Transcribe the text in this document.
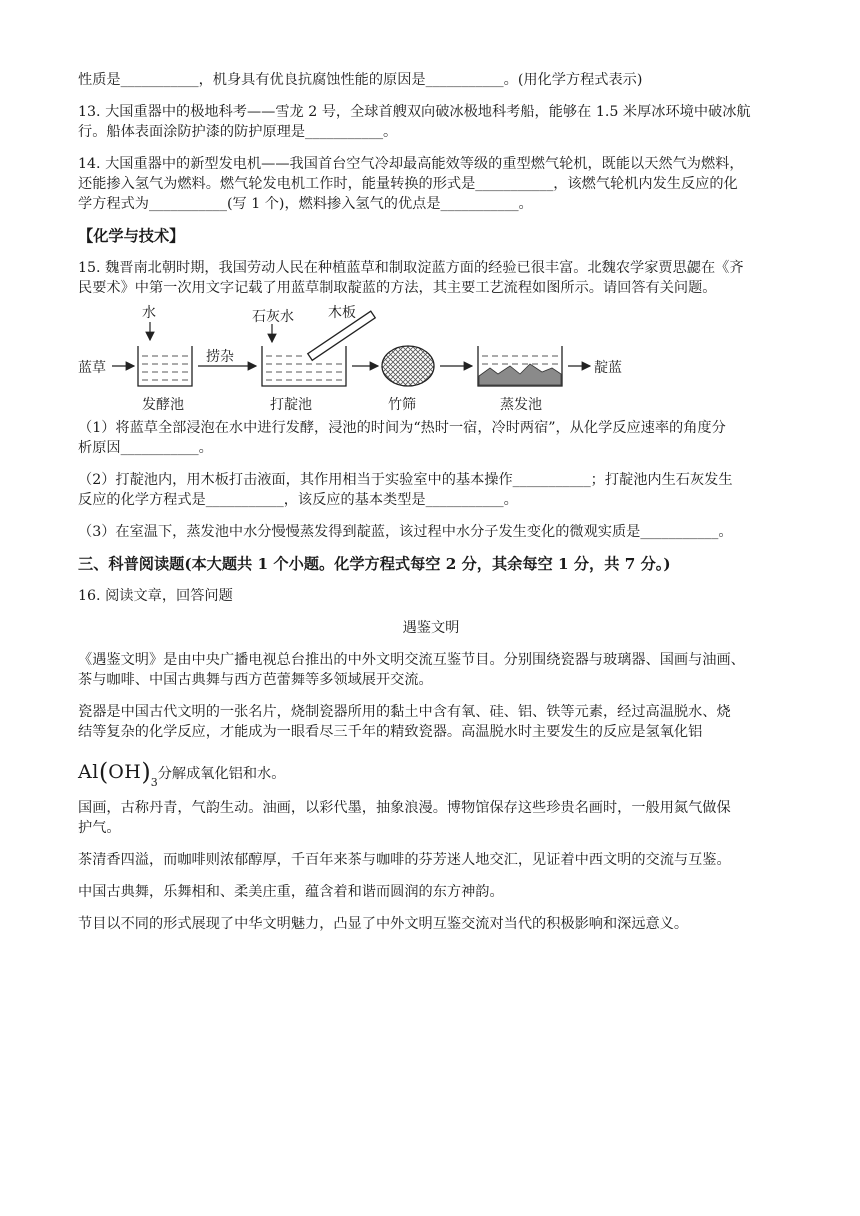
性质是___________，机身具有优良抗腐蚀性能的原因是___________。(用化学方程式表示)

13. 大国重器中的极地科考——雪龙 2 号，全球首艘双向破冰极地科考船，能够在 1.5 米厚冰环境中破冰航

行。船体表面涂防护漆的防护原理是___________。

14. 大国重器中的新型发电机——我国首台空气冷却最高能效等级的重型燃气轮机，既能以天然气为燃料，

还能掺入氢气为燃料。燃气轮发电机工作时，能量转换的形式是___________，该燃气轮机内发生反应的化

学方程式为___________(写 1 个)，燃料掺入氢气的优点是___________。

【化学与技术】

15. 魏晋南北朝时期，我国劳动人民在种植蓝草和制取淀蓝方面的经验已很丰富。北魏农学家贾思勰在《齐

民要术》中第一次用文字记载了用蓝草制取靛蓝的方法，其主要工艺流程如图所示。请回答有关问题。

蓝草
水
捞杂
石灰水 木板
发酵池	打靛池	竹筛	蒸发池
靛蓝

（1）将蓝草全部浸泡在水中进行发酵，浸池的时间为“热时一宿，冷时两宿”，从化学反应速率的角度分

析原因___________。

（2）打靛池内，用木板打击液面，其作用相当于实验室中的基本操作___________；打靛池内生石灰发生

反应的化学方程式是___________，该反应的基本类型是___________。

（3）在室温下，蒸发池中水分慢慢蒸发得到靛蓝，该过程中水分子发生变化的微观实质是___________。

三、科普阅读题(本大题共 1 个小题。化学方程式每空 2 分，其余每空 1 分，共 7 分。)

16. 阅读文章，回答问题

遇鉴文明

《遇鉴文明》是由中央广播电视总台推出的中外文明交流互鉴节目。分别围绕瓷器与玻璃器、国画与油画、

茶与咖啡、中国古典舞与西方芭蕾舞等多领域展开交流。

瓷器是中国古代文明的一张名片，烧制瓷器所用的黏土中含有氧、硅、铝、铁等元素，经过高温脱水、烧

结等复杂的化学反应，才能成为一眼看尽三千年的精致瓷器。高温脱水时主要发生的反应是氢氧化铝

$Al(OH)_3$分解成氧化铝和水。

国画，古称丹青，气韵生动。油画，以彩代墨，抽象浪漫。博物馆保存这些珍贵名画时，一般用氮气做保

护气。

茶清香四溢，而咖啡则浓郁醇厚，千百年来茶与咖啡的芬芳迷人地交汇，见证着中西文明的交流与互鉴。

中国古典舞，乐舞相和、柔美庄重，蕴含着和谐而圆润的东方神韵。

节目以不同的形式展现了中华文明魅力，凸显了中外文明互鉴交流对当代的积极影响和深远意义。
